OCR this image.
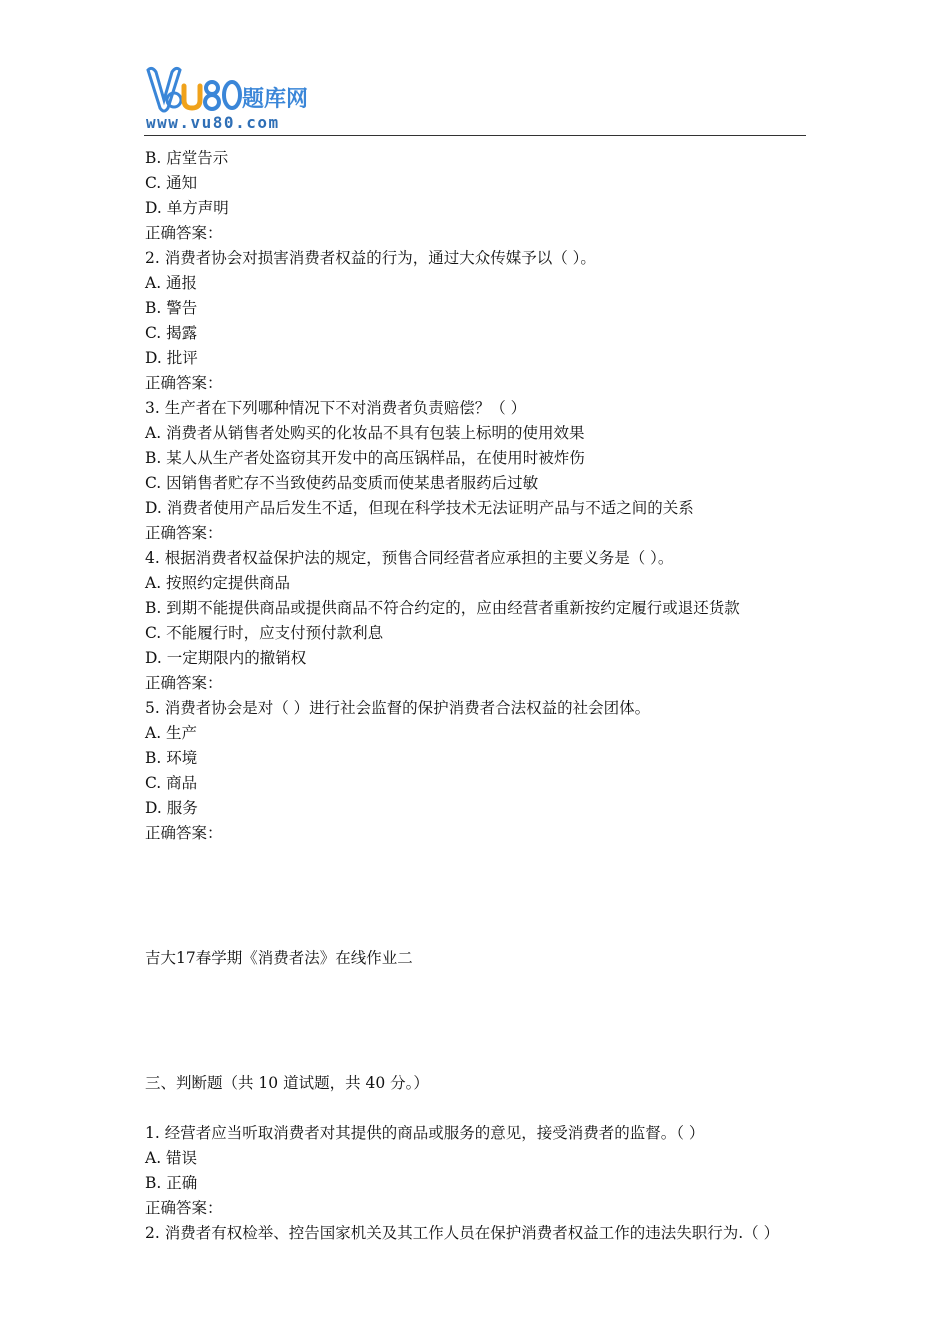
题库网
www.vu80.com
B. 店堂告示
C. 通知
D. 单方声明
正确答案：
2. 消费者协会对损害消费者权益的行为，通过大众传媒予以（ ）。
A. 通报
B. 警告
C. 揭露
D. 批评
正确答案：
3. 生产者在下列哪种情况下不对消费者负责赔偿？（ ）
A. 消费者从销售者处购买的化妆品不具有包装上标明的使用效果
B. 某人从生产者处盗窃其开发中的高压锅样品，在使用时被炸伤
C. 因销售者贮存不当致使药品变质而使某患者服药后过敏
D. 消费者使用产品后发生不适，但现在科学技术无法证明产品与不适之间的关系
正确答案：
4. 根据消费者权益保护法的规定，预售合同经营者应承担的主要义务是（ ）。
A. 按照约定提供商品
B. 到期不能提供商品或提供商品不符合约定的，应由经营者重新按约定履行或退还货款
C. 不能履行时，应支付预付款利息
D. 一定期限内的撤销权
正确答案：
5. 消费者协会是对（ ）进行社会监督的保护消费者合法权益的社会团体。
A. 生产
B. 环境
C. 商品
D. 服务
正确答案：
吉大17春学期《消费者法》在线作业二
三、判断题（共 10 道试题，共 40 分。）
1. 经营者应当听取消费者对其提供的商品或服务的意见，接受消费者的监督。（ ）
A. 错误
B. 正确
正确答案：
2. 消费者有权检举、控告国家机关及其工作人员在保护消费者权益工作的违法失职行为.（ ）
